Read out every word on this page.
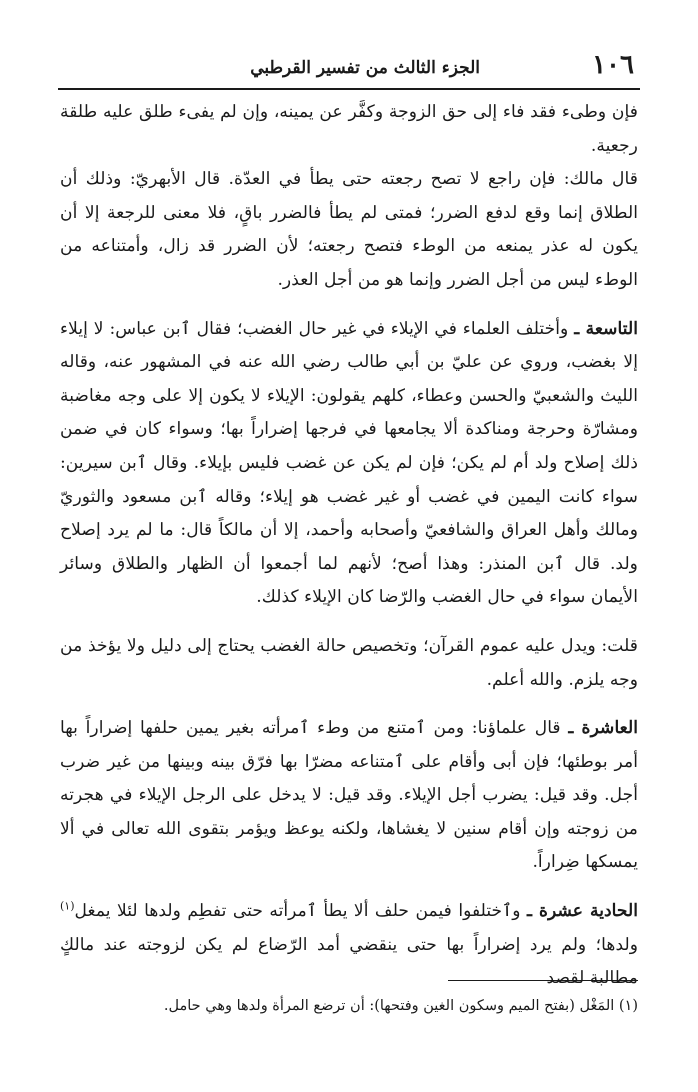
١٠٦
الجزء الثالث من تفسير القرطبي

فإن وطىء فقد فاء إلى حق الزوجة وكفَّر عن يمينه، وإن لم يفىء طلق عليه طلقة رجعية.

قال مالك: فإن راجع لا تصح رجعته حتى يطأ في العدّة. قال الأبهريّ: وذلك أن الطلاق إنما وقع لدفع الضرر؛ فمتى لم يطأ فالضرر باقٍ، فلا معنى للرجعة إلا أن يكون له عذر يمنعه من الوطء فتصح رجعته؛ لأن الضرر قد زال، وأمتناعه من الوطء ليس من أجل الضرر وإنما هو من أجل العذر.

التاسعة ـ وأختلف العلماء في الإيلاء في غير حال الغضب؛ فقال ٱبن عباس: لا إيلاء إلا بغضب، وروي عن عليّ بن أبي طالب رضي الله عنه في المشهور عنه، وقاله الليث والشعبيّ والحسن وعطاء، كلهم يقولون: الإيلاء لا يكون إلا على وجه مغاضبة ومشارّة وحرجة ومناكدة ألا يجامعها في فرجها إضراراً بها؛ وسواء كان في ضمن ذلك إصلاح ولد أم لم يكن؛ فإن لم يكن عن غضب فليس بإيلاء. وقال ٱبن سيرين: سواء كانت اليمين في غضب أو غير غضب هو إيلاء؛ وقاله ٱبن مسعود والثوريّ ومالك وأهل العراق والشافعيّ وأصحابه وأحمد، إلا أن مالكاً قال: ما لم يرد إصلاح ولد. قال ٱبن المنذر: وهذا أصح؛ لأنهم لما أجمعوا أن الظهار والطلاق وسائر الأيمان سواء في حال الغضب والرّضا كان الإيلاء كذلك.

قلت: ويدل عليه عموم القرآن؛ وتخصيص حالة الغضب يحتاج إلى دليل ولا يؤخذ من وجه يلزم. والله أعلم.

العاشرة ـ قال علماؤنا: ومن ٱمتنع من وطء ٱمرأته بغير يمين حلفها إضراراً بها أمر بوطئها؛ فإن أبى وأقام على ٱمتناعه مضرّا بها فرّق بينه وبينها من غير ضرب أجل. وقد قيل: يضرب أجل الإيلاء. وقد قيل: لا يدخل على الرجل الإيلاء في هجرته من زوجته وإن أقام سنين لا يغشاها، ولكنه يوعظ ويؤمر بتقوى الله تعالى في ألا يمسكها ضِراراً.

الحادية عشرة ـ وٱختلفوا فيمن حلف ألا يطأ ٱمرأته حتى تفطِم ولدها لئلا يمغل$^{(١)}$ ولدها؛ ولم يرد إضراراً بها حتى ينقضي أمد الرّضاع لم يكن لزوجته عند مالكٍ مطالبة لقصد

(١) المَغْل (بفتح الميم وسكون الغين وفتحها): أن ترضع المرأة ولدها وهي حامل.
